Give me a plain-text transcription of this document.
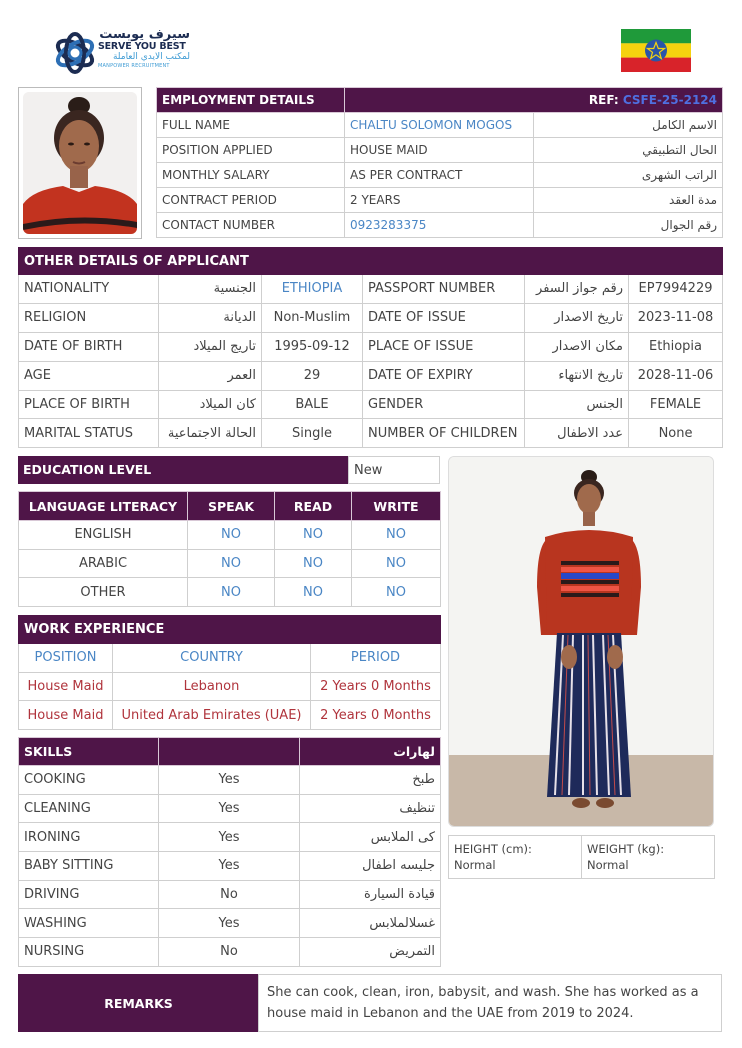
سيرف يوبست
SERVE YOU BEST
لمكتب الايدي العاملة
MANPOWER RECRUITMENT
EMPLOYMENT DETAILS	REF: CSFE-25-2124	
FULL NAME	CHALTU SOLOMON MOGOS	الاسم الكامل
POSITION APPLIED	HOUSE MAID	الحال التطبيقي
MONTHLY SALARY	AS PER CONTRACT	الراتب الشهرى
CONTRACT PERIOD	2 YEARS	مدة العقد
CONTACT NUMBER	0923283375	رقم الجوال
OTHER DETAILS OF APPLICANT					
NATIONALITY	الجنسية	ETHIOPIA	PASSPORT NUMBER	رقم جواز السفر	EP7994229
RELIGION	الديانة	Non-Muslim	DATE OF ISSUE	تاريخ الاصدار	2023-11-08
DATE OF BIRTH	تاريج الميلاد	1995-09-12	PLACE OF ISSUE	مكان الاصدار	Ethiopia
AGE	العمر	29	DATE OF EXPIRY	تاريخ الانتهاء	2028-11-06
PLACE OF BIRTH	كان الميلاد	BALE	GENDER	الجنس	FEMALE
MARITAL STATUS	الحالة الاجتماعية	Single	NUMBER OF CHILDREN	عدد الاطفال	None
EDUCATION LEVEL	New
LANGUAGE LITERACY	SPEAK	READ	WRITE
ENGLISH	NO	NO	NO
ARABIC	NO	NO	NO
OTHER	NO	NO	NO
WORK EXPERIENCE		
POSITION	COUNTRY	PERIOD
House Maid	Lebanon	2 Years 0 Months
House Maid	United Arab Emirates (UAE)	2 Years 0 Months
SKILLS		لهارات
COOKING	Yes	طبخ
CLEANING	Yes	تنظيف
IRONING	Yes	كى الملابس
BABY SITTING	Yes	جليسه اطفال
DRIVING	No	قيادة السيارة
WASHING	Yes	غسلالملابس
NURSING	No	التمريض
HEIGHT (cm):
Normal

WEIGHT (kg):
Normal
REMARKS
She can cook, clean, iron, babysit, and wash. She has worked as a house maid in Lebanon and the UAE from 2019 to 2024.
